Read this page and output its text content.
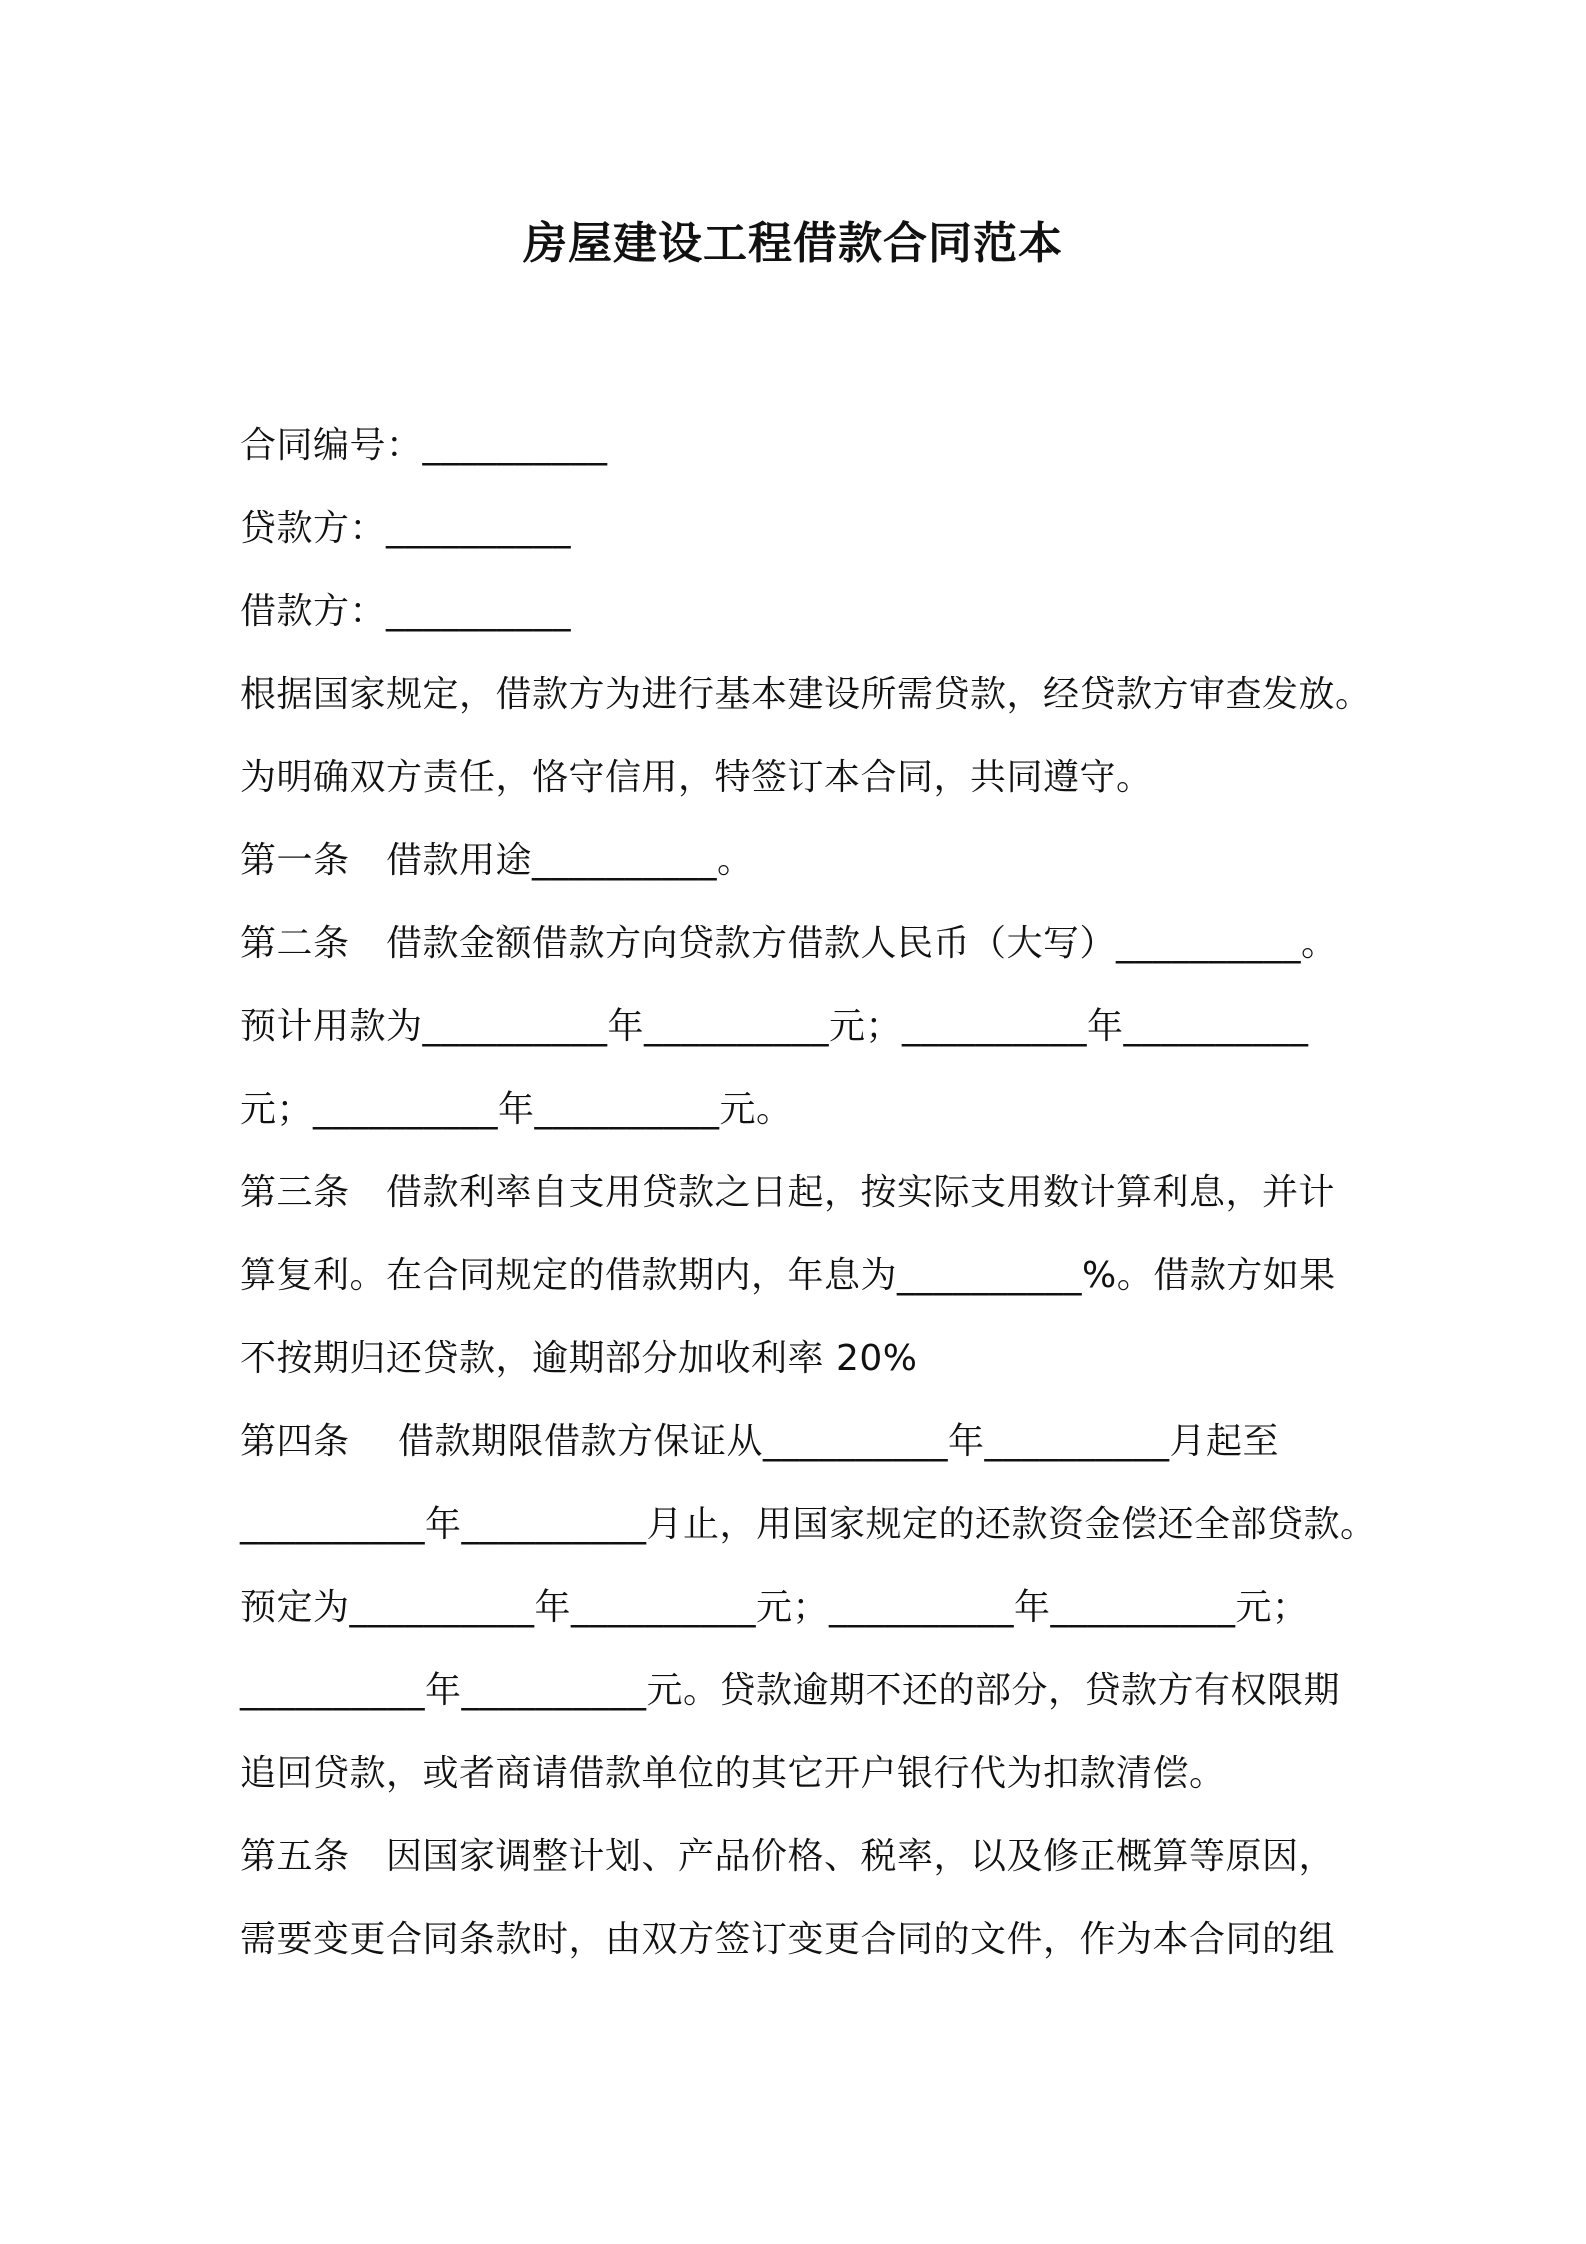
房屋建设工程借款合同范本
合同编号：__________
贷款方：__________
借款方：__________
根据国家规定，借款方为进行基本建设所需贷款，经贷款方审查发放。
为明确双方责任，恪守信用，特签订本合同，共同遵守。
第一条　借款用途__________。
第二条　借款金额借款方向贷款方借款人民币（大写）__________。
预计用款为__________年__________元；__________年__________
元；__________年__________元。
第三条　借款利率自支用贷款之日起，按实际支用数计算利息，并计
算复利。在合同规定的借款期内，年息为__________%。借款方如果
不按期归还贷款，逾期部分加收利率 20%
第四条　 借款期限借款方保证从__________年__________月起至
__________年__________月止，用国家规定的还款资金偿还全部贷款。
预定为__________年__________元；__________年__________元；
__________年__________元。贷款逾期不还的部分，贷款方有权限期
追回贷款，或者商请借款单位的其它开户银行代为扣款清偿。
第五条　因国家调整计划、产品价格、税率，以及修正概算等原因，
需要变更合同条款时，由双方签订变更合同的文件，作为本合同的组
